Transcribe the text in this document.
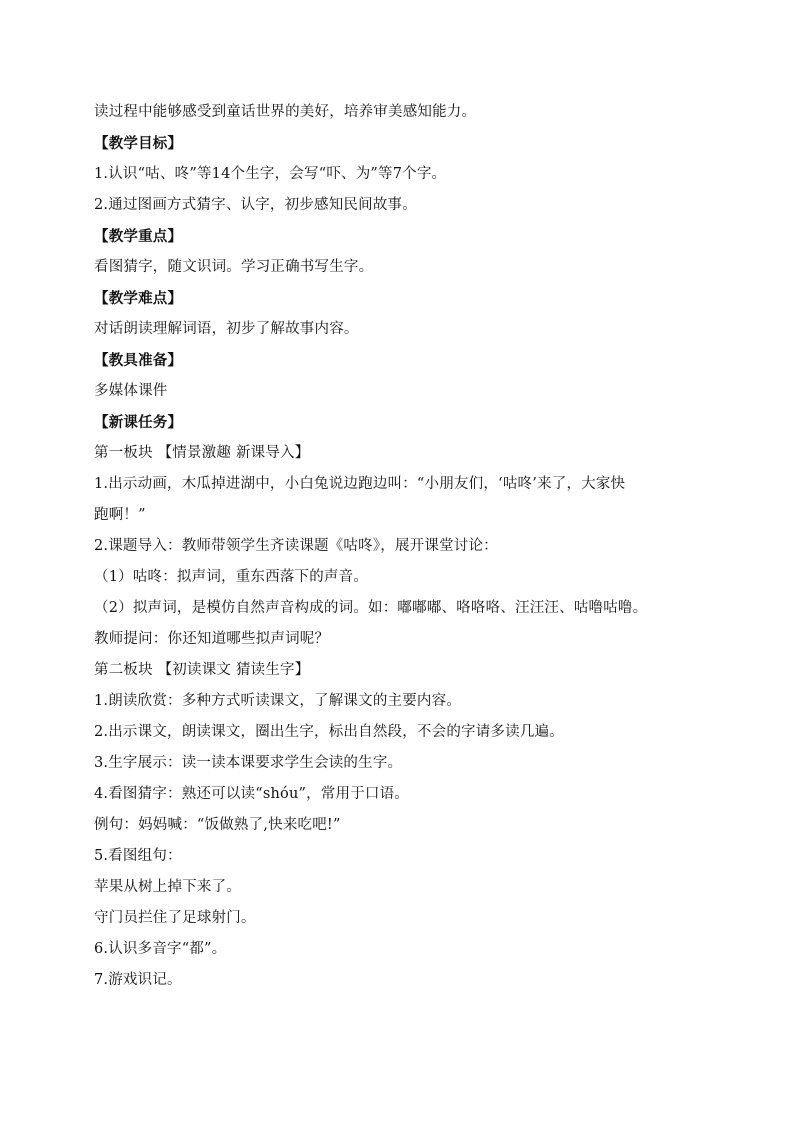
读过程中能够感受到童话世界的美好，培养审美感知能力。
【教学目标】
1.认识“咕、咚”等14个生字，会写“吓、为”等7个字。
2.通过图画方式猜字、认字，初步感知民间故事。
【教学重点】
看图猜字，随文识词。学习正确书写生字。
【教学难点】
对话朗读理解词语，初步了解故事内容。
【教具准备】
多媒体课件
【新课任务】
第一板块 【情景激趣 新课导入】
1.出示动画，木瓜掉进湖中，小白兔说边跑边叫：“小朋友们，‘咕咚’来了，大家快
跑啊！”
2.课题导入：教师带领学生齐读课题《咕咚》，展开课堂讨论：
（1）咕咚：拟声词，重东西落下的声音。
（2）拟声词，是模仿自然声音构成的词。如：嘟嘟嘟、咯咯咯、汪汪汪、咕噜咕噜。
教师提问：你还知道哪些拟声词呢？
第二板块 【初读课文 猜读生字】
1.朗读欣赏：多种方式听读课文，了解课文的主要内容。
2.出示课文，朗读课文，圈出生字，标出自然段，不会的字请多读几遍。
3.生字展示：读一读本课要求学生会读的生字。
4.看图猜字：熟还可以读“shóu”，常用于口语。
例句：妈妈喊：“饭做熟了,快来吃吧!”
5.看图组句：
苹果从树上掉下来了。
守门员拦住了足球射门。
6.认识多音字“都”。
7.游戏识记。
